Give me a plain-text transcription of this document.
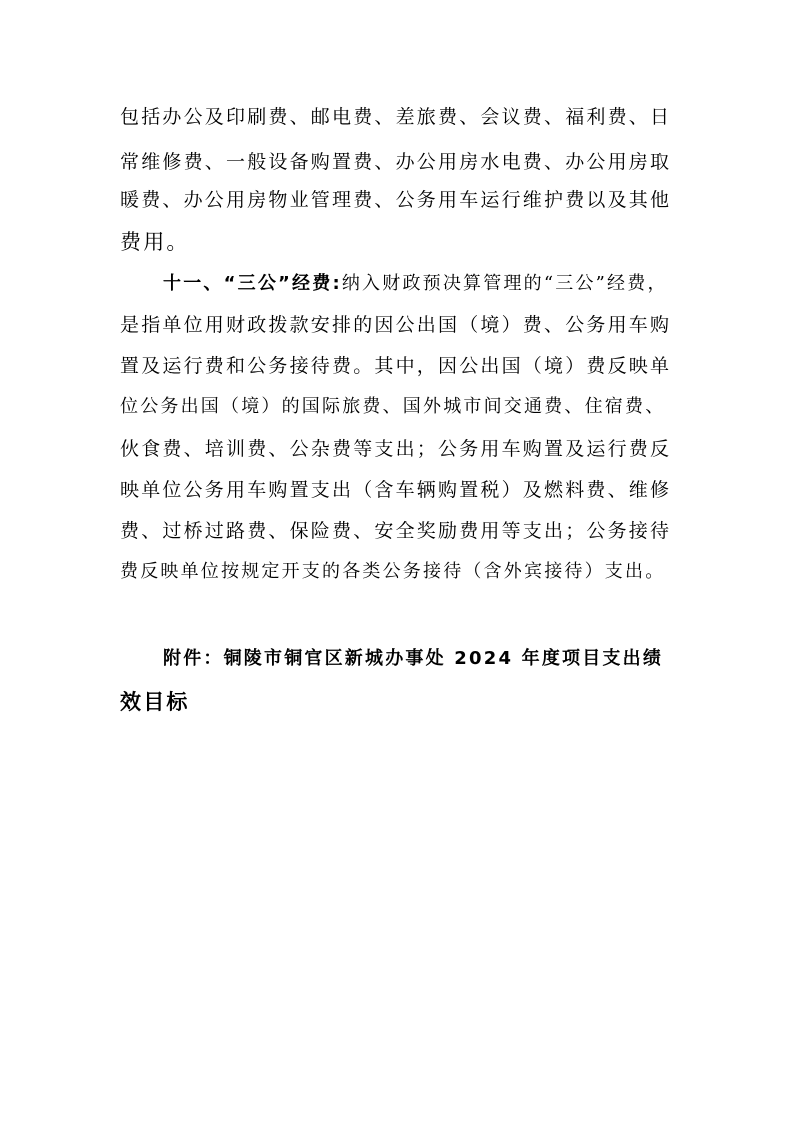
包括办公及印刷费、邮电费、差旅费、会议费、福利费、日
常维修费、一般设备购置费、办公用房水电费、办公用房取
暖费、办公用房物业管理费、公务用车运行维护费以及其他
费用。
十一、“三公”经费:纳入财政预决算管理的“三公”经费，
是指单位用财政拨款安排的因公出国（境）费、公务用车购
置及运行费和公务接待费。其中，因公出国（境）费反映单
位公务出国（境）的国际旅费、国外城市间交通费、住宿费、
伙食费、培训费、公杂费等支出；公务用车购置及运行费反
映单位公务用车购置支出（含车辆购置税）及燃料费、维修
费、过桥过路费、保险费、安全奖励费用等支出；公务接待
费反映单位按规定开支的各类公务接待（含外宾接待）支出。
附件：铜陵市铜官区新城办事处 2024 年度项目支出绩
效目标
